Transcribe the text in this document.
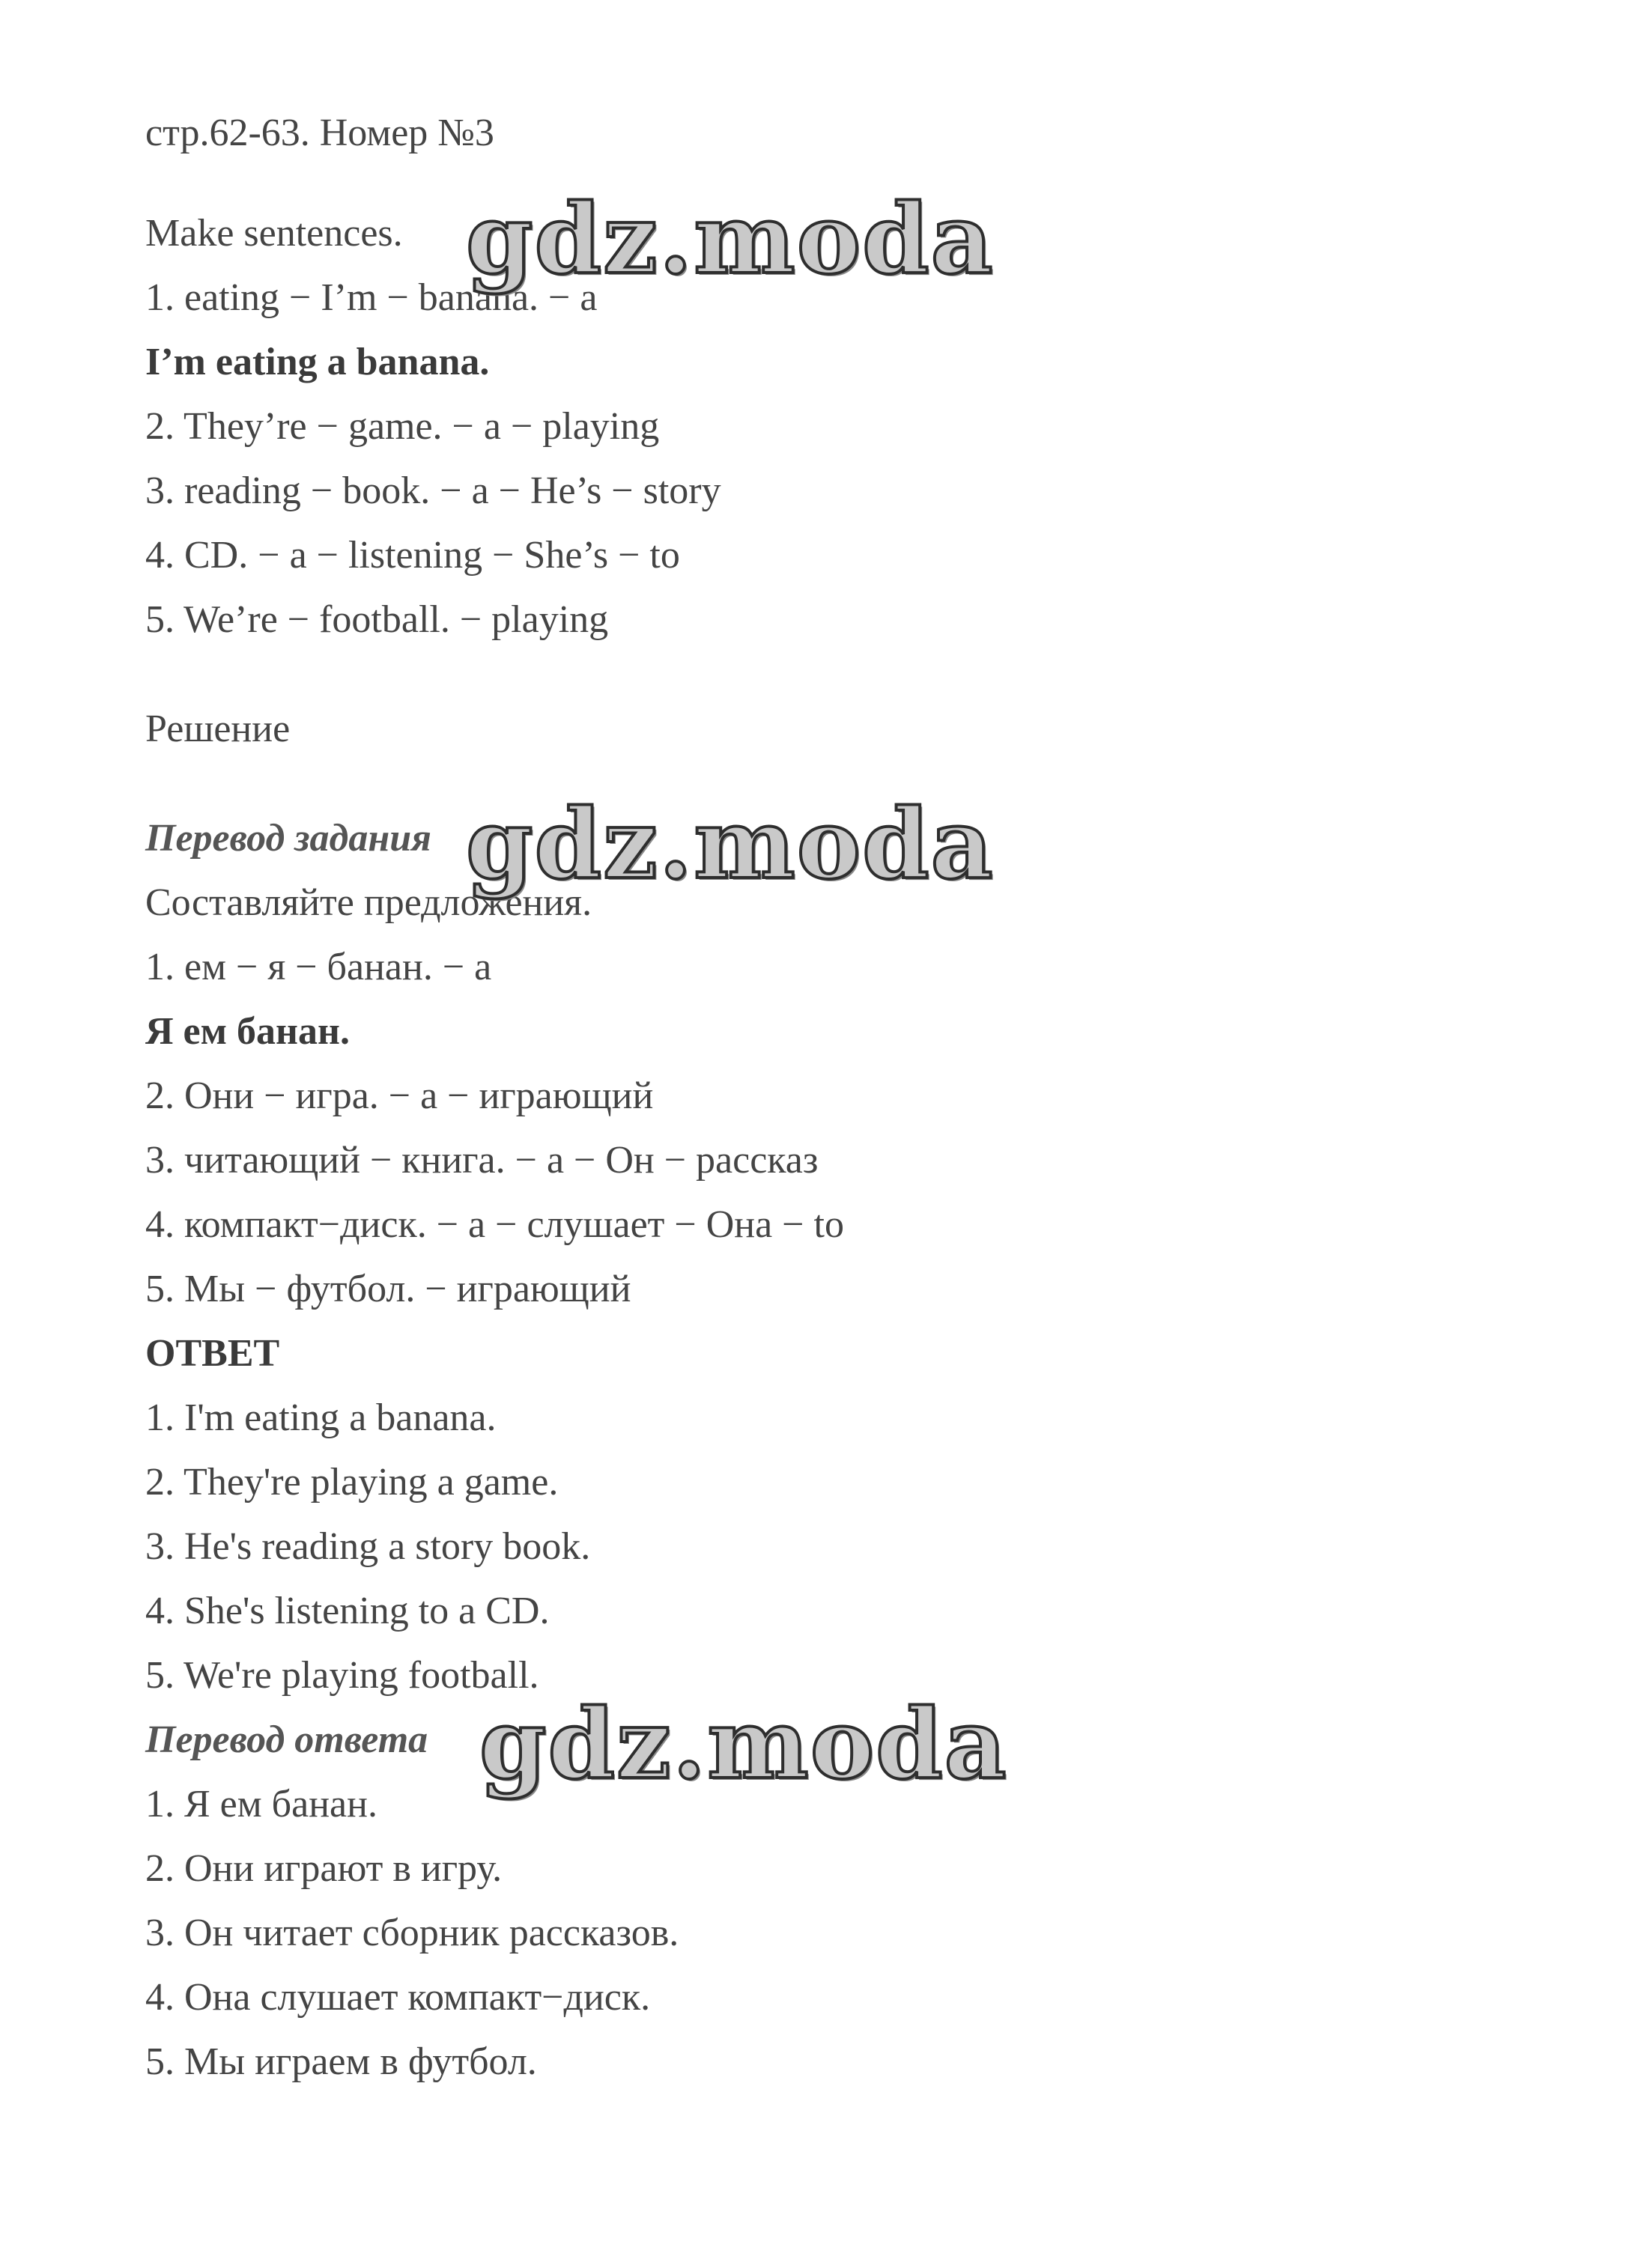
стр.62-63. Номер №3

Make sentences.

1. eating − I’m − banana. − a

I’m eating a banana.

2. They’re − game. − a − playing

3. reading − book. − a − He’s − story

4. CD. − a − listening − She’s − to

5. We’re − football. − playing

Решение

Перевод задания

Составляйте предложения.

1. ем − я − банан. − а

Я ем банан.

2. Они − игра. − а − играющий

3. читающий − книга. − а − Он − рассказ

4. компакт−диск. − а − слушает − Она − to

5. Мы − футбол. − играющий

ОТВЕТ

1. I'm eating a banana.

2. They're playing a game.

3. He's reading a story book.

4. She's listening to a CD.

5. We're playing football.

Перевод ответа

1. Я ем банан.

2. Они играют в игру.

3. Он читает сборник рассказов.

4. Она слушает компакт−диск.

5. Мы играем в футбол.

gdz.moda
gdz.moda
gdz.moda
